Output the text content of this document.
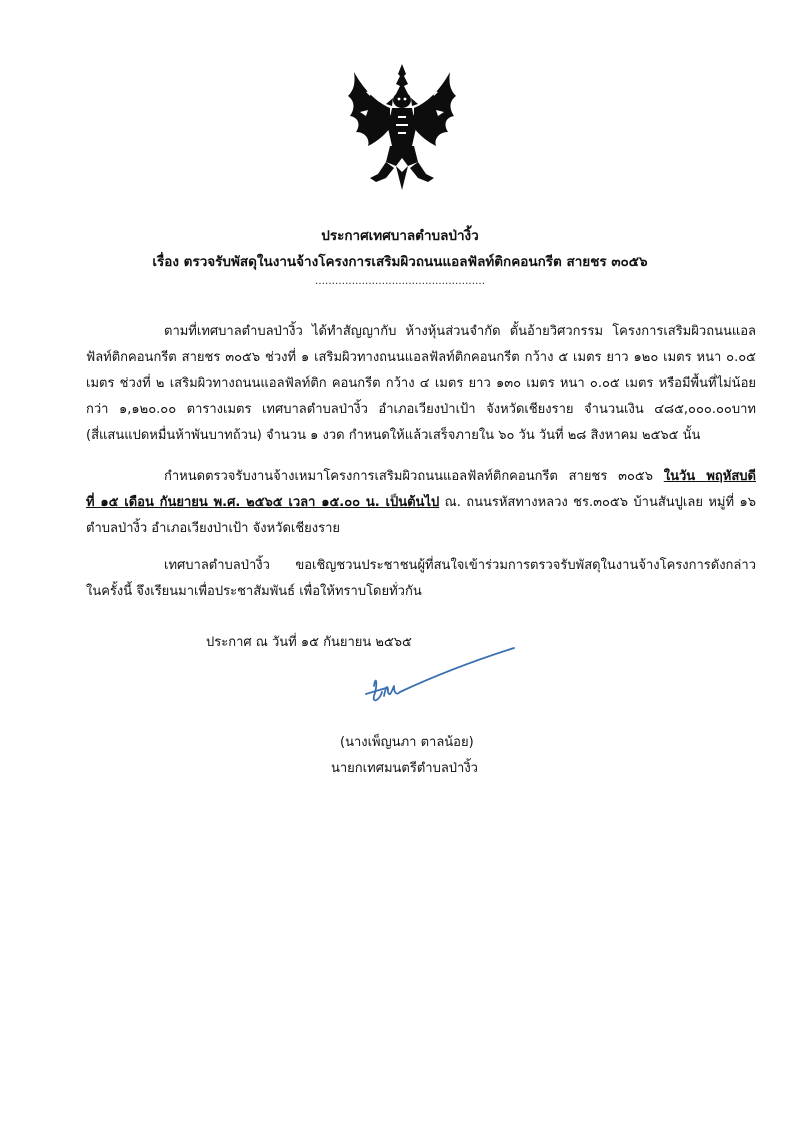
ประกาศเทศบาลตำบลป่างิ้ว
เรื่อง ตรวจรับพัสดุในงานจ้างโครงการเสริมผิวถนนแอลฟัลท์ติกคอนกรีต สายชร ๓๐๕๖
……………………………………………
ตามที่เทศบาลตำบลป่างิ้ว ได้ทำสัญญากับ ห้างหุ้นส่วนจำกัด ตั้นอ้ายวิศวกรรม โครงการเสริมผิวถนนแอล
ฟัลท์ติกคอนกรีต สายชร ๓๐๕๖ ช่วงที่ ๑ เสริมผิวทางถนนแอลฟัลท์ติกคอนกรีต กว้าง ๕ เมตร ยาว ๑๒๐ เมตร หนา ๐.๐๕
เมตร ช่วงที่ ๒ เสริมผิวทางถนนแอลฟัลท์ติก คอนกรีต กว้าง ๔ เมตร ยาว ๑๓๐ เมตร หนา ๐.๐๕ เมตร หรือมีพื้นที่ไม่น้อย
กว่า ๑,๑๒๐.๐๐ ตารางเมตร เทศบาลตำบลป่างิ้ว อำเภอเวียงป่าเป้า จังหวัดเชียงราย จำนวนเงิน ๔๘๕,๐๐๐.๐๐บาท
(สี่แสนแปดหมื่นห้าพันบาทถ้วน) จำนวน ๑ งวด กำหนดให้แล้วเสร็จภายใน ๖๐ วัน วันที่ ๒๘ สิงหาคม ๒๕๖๕ นั้น
กำหนดตรวจรับงานจ้างเหมาโครงการเสริมผิวถนนแอลฟัลท์ติกคอนกรีต สายชร ๓๐๕๖ ในวัน พฤหัสบดี
ที่ ๑๕ เดือน กันยายน พ.ศ. ๒๕๖๕ เวลา ๑๕.๐๐ น. เป็นต้นไป ณ. ถนนรหัสทางหลวง ชร.๓๐๕๖ บ้านสันปูเลย หมู่ที่ ๑๖
ตำบลป่างิ้ว อำเภอเวียงป่าเป้า จังหวัดเชียงราย
เทศบาลตำบลป่างิ้ว ขอเชิญชวนประชาชนผู้ที่สนใจเข้าร่วมการตรวจรับพัสดุในงานจ้างโครงการดังกล่าว
ในครั้งนี้ จึงเรียนมาเพื่อประชาสัมพันธ์ เพื่อให้ทราบโดยทั่วกัน
ประกาศ ณ วันที่ ๑๕ กันยายน ๒๕๖๕
(นางเพ็ญนภา ตาลน้อย)
นายกเทศมนตรีตำบลป่างิ้ว
